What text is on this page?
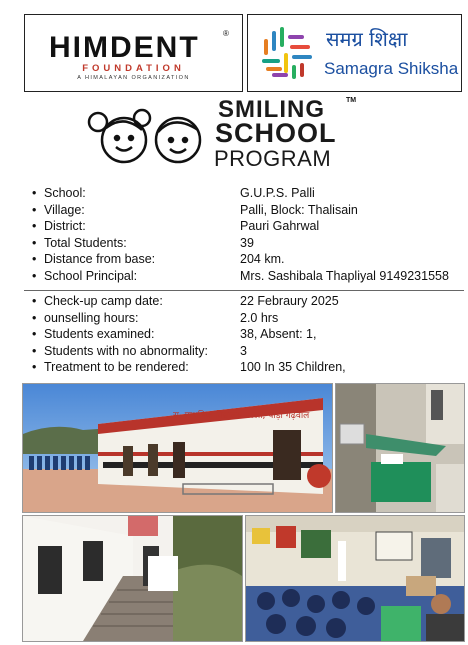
HIMDENT	®
FOUNDATION
A HIMALAYAN ORGANIZATION
समग्र शिक्षा
Samagra Shiksha
SMILING	TM
SCHOOL
PROGRAM
• School:	G.U.P.S. Palli
• Village:	Palli, Block: Thalisain
• District:	Pauri Gahrwal
• Total Students:	39
• Distance from base:	204 km.
• School Principal:	Mrs. Sashibala Thapliyal 9149231558
• Check-up camp date:	22 Febraury 2025
• ounselling hours:	2.0 hrs
• Students examined:	38, Absent: 1,
• Students with no abnormality:	3
• Treatment to be rendered:	100 In 35 Children,
रा. प्राथमिक विद्यालय पल्ली, पौड़ी गढ़वाल
